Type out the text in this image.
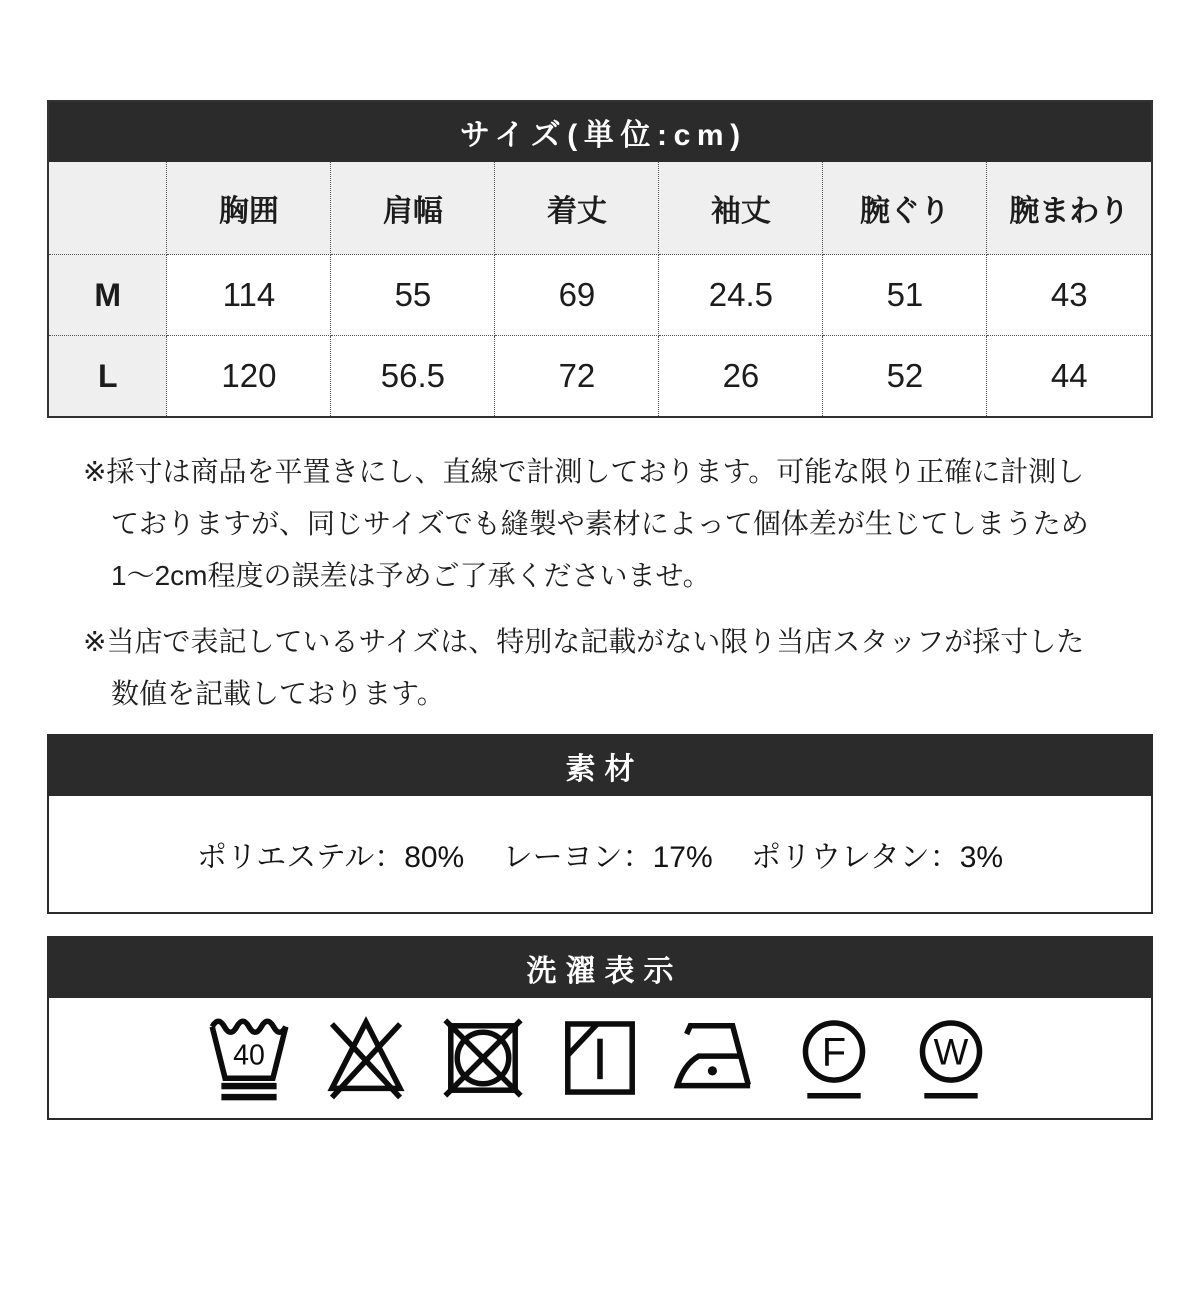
サイズ(単位:cm)
	胸囲	肩幅	着丈	袖丈	腕ぐり	腕まわり
M	114	55	69	24.5	51	43
L	120	56.5	72	26	52	44
※採寸は商品を平置きにし、直線で計測しております。可能な限り正確に計測し
ておりますが、同じサイズでも縫製や素材によって個体差が生じてしまうため
1〜2cm程度の誤差は予めご了承くださいませ。
※当店で表記しているサイズは、特別な記載がない限り当店スタッフが採寸した
数値を記載しております。
素材
ポリエステル：80%　 レーヨン：17%　 ポリウレタン：3%
洗濯表示
40	F W
